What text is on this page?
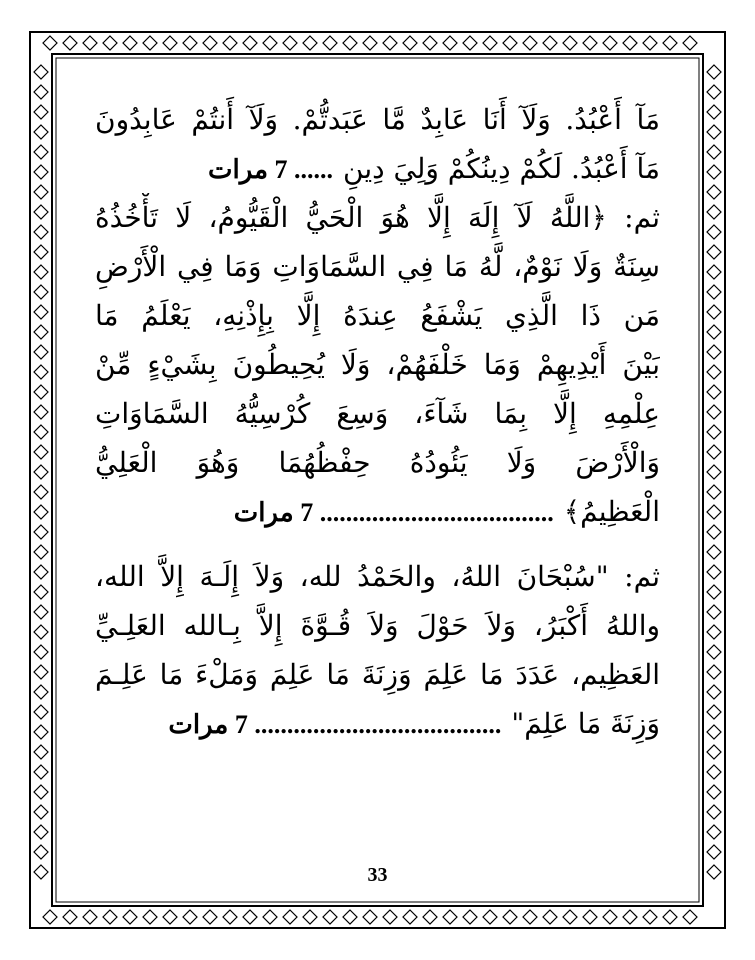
مَآ أَعْبُدُ. وَلَآ أَنَا عَابِدٌ مَّا عَبَدتُّمْ. وَلَآ أَنتُمْ عَابِدُونَ
مَآ أَعْبُدُ. لَكُمْ دِينُكُمْ وَلِيَ دِينِ...... 7 مرات
ثم: ﴿اللَّهُ لَآ إِلَهَ إِلَّا هُوَ الْحَيُّ الْقَيُّومُ، لَا تَأْخُذُهُ
سِنَةٌ وَلَا نَوْمٌ، لَّهُ مَا فِي السَّمَاوَاتِ وَمَا فِي الْأَرْضِ
مَن ذَا الَّذِي يَشْفَعُ عِندَهُ إِلَّا بِإِذْنِهِ، يَعْلَمُ مَا
بَيْنَ أَيْدِيهِمْ وَمَا خَلْفَهُمْ، وَلَا يُحِيطُونَ بِشَيْءٍ مِّنْ
عِلْمِهِ إِلَّا بِمَا شَآءَ، وَسِعَ كُرْسِيُّهُ السَّمَاوَاتِ
وَالْأَرْضَ وَلَا يَئُودُهُ حِفْظُهُمَا وَهُوَ الْعَلِيُّ
الْعَظِيمُ﴾.................................... 7 مرات
ثم: "سُبْحَانَ اللهُ، والحَمْدُ لله، وَلاَ إِلَـهَ إِلاَّ الله،
واللهُ أَكْبَرُ، وَلاَ حَوْلَ وَلاَ قُـوَّةَ إِلاَّ بِـالله العَلِـيِّ
العَظِيم، عَدَدَ مَا عَلِمَ وَزِنَةَ مَا عَلِمَ وَمَلْءَ مَا عَلِـمَ
وَزِنَةَ مَا عَلِمَ"...................................... 7 مرات
33
